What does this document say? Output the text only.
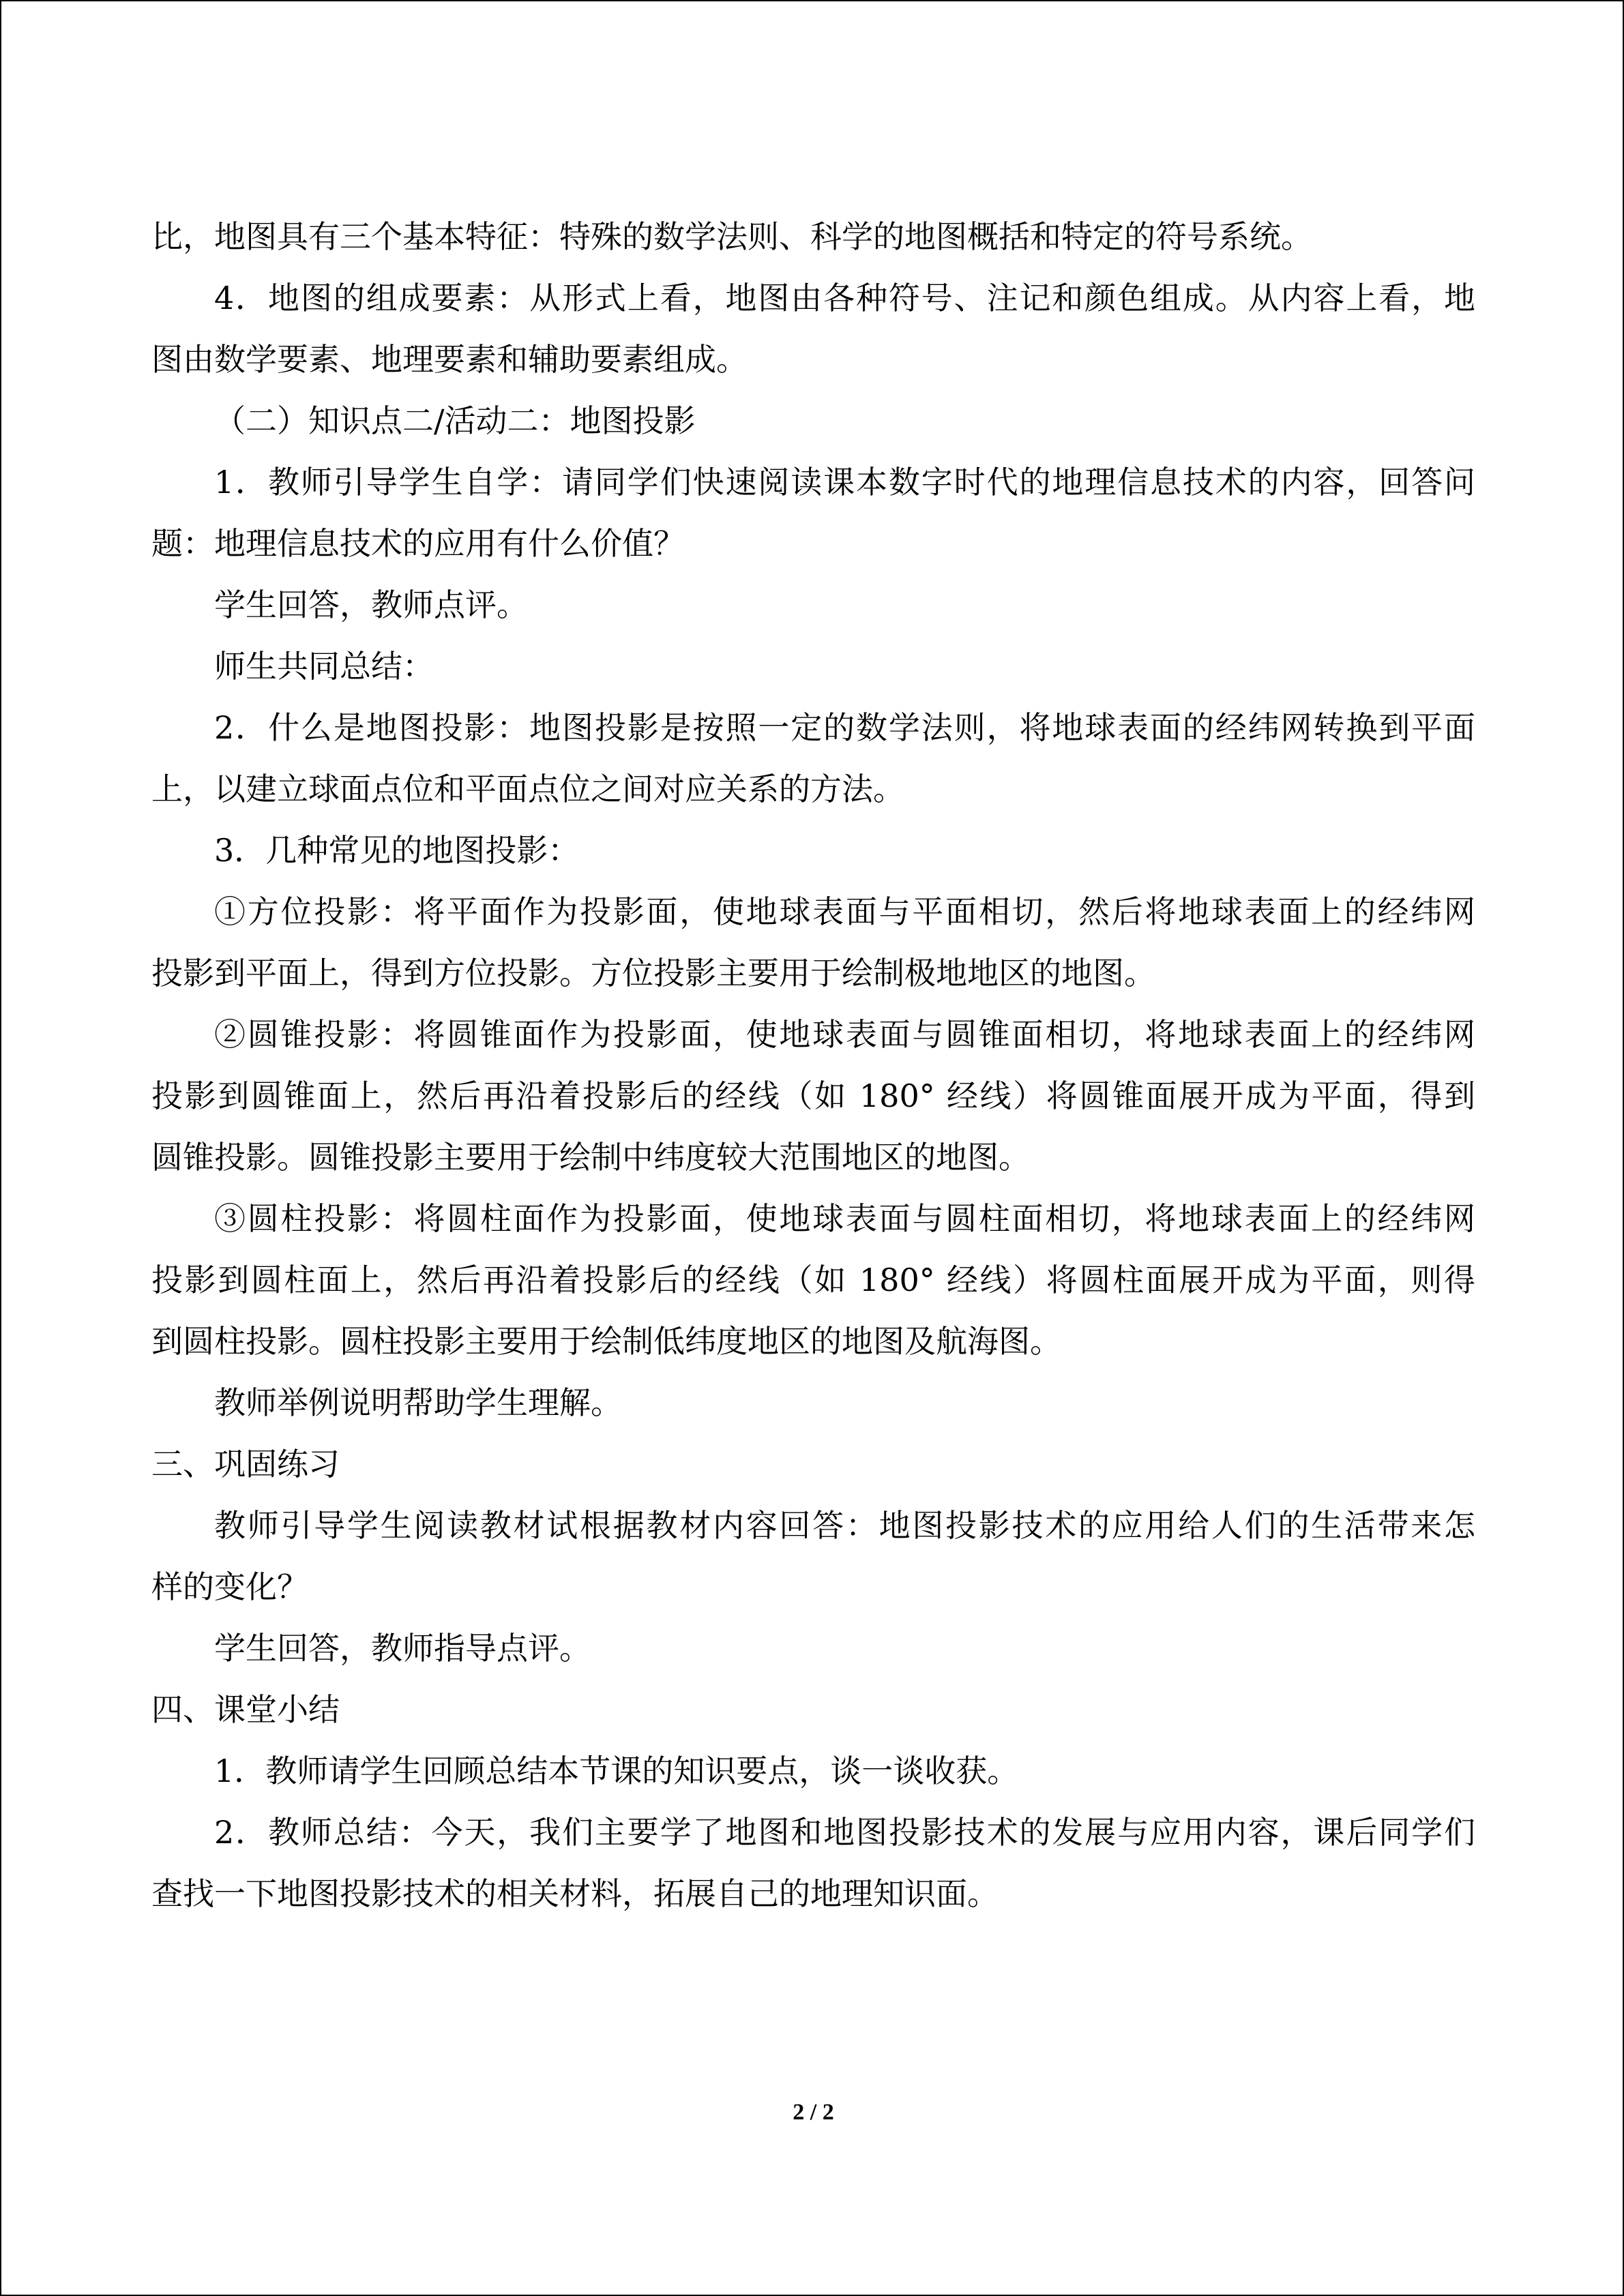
比，地图具有三个基本特征：特殊的数学法则、科学的地图概括和特定的符号系统。
4．地图的组成要素：从形式上看，地图由各种符号、注记和颜色组成。从内容上看，地
图由数学要素、地理要素和辅助要素组成。
（二）知识点二/活动二：地图投影
1．教师引导学生自学：请同学们快速阅读课本数字时代的地理信息技术的内容，回答问
题：地理信息技术的应用有什么价值？
学生回答，教师点评。
师生共同总结：
2．什么是地图投影：地图投影是按照一定的数学法则，将地球表面的经纬网转换到平面
上，以建立球面点位和平面点位之间对应关系的方法。
3．几种常见的地图投影：
①方位投影：将平面作为投影面，使地球表面与平面相切，然后将地球表面上的经纬网
投影到平面上，得到方位投影。方位投影主要用于绘制极地地区的地图。
②圆锥投影：将圆锥面作为投影面，使地球表面与圆锥面相切，将地球表面上的经纬网
投影到圆锥面上，然后再沿着投影后的经线（如 180° 经线）将圆锥面展开成为平面，得到
圆锥投影。圆锥投影主要用于绘制中纬度较大范围地区的地图。
③圆柱投影：将圆柱面作为投影面，使地球表面与圆柱面相切，将地球表面上的经纬网
投影到圆柱面上，然后再沿着投影后的经线（如 180° 经线）将圆柱面展开成为平面，则得
到圆柱投影。圆柱投影主要用于绘制低纬度地区的地图及航海图。
教师举例说明帮助学生理解。
三、巩固练习
教师引导学生阅读教材试根据教材内容回答：地图投影技术的应用给人们的生活带来怎
样的变化？
学生回答，教师指导点评。
四、课堂小结
1．教师请学生回顾总结本节课的知识要点，谈一谈收获。
2．教师总结：今天，我们主要学了地图和地图投影技术的发展与应用内容，课后同学们
查找一下地图投影技术的相关材料，拓展自己的地理知识面。
2 / 2
